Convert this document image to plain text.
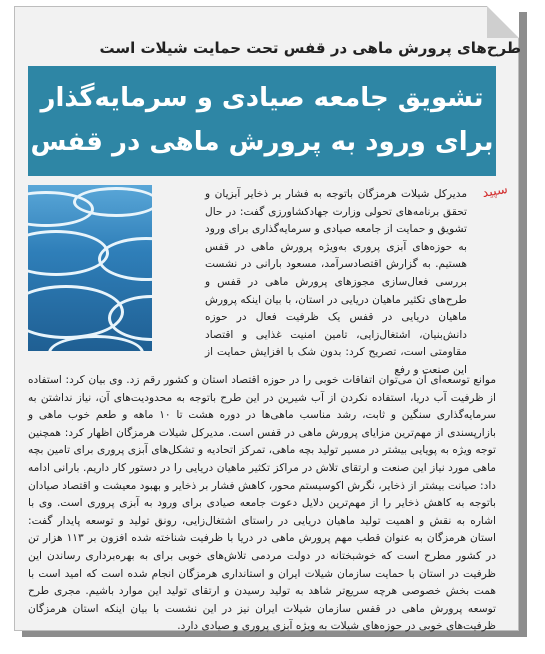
طرح‌های پرورش ماهی در قفس تحت حمایت شیلات است
تشویق جامعه صیادی و سرمایه‌گذار
برای ورود به پرورش ماهی در قفس
سپید
مدیرکل شیلات هرمزگان باتوجه به فشار بر ذخایر آبزیان و تحقق برنامه‌های تحولی وزارت جهادکشاورزی گفت: در حال تشویق و حمایت از جامعه صیادی و سرمایه‌گذاری برای ورود به حوزه‌های آبزی پروری به‌ویژه پرورش ماهی در قفس هستیم. به گزارش اقتصادسرآمد، مسعود بارانی در نشست بررسی فعال‌سازی مجوزهای پرورش ماهی در قفس و طرح‌های تکثیر ماهیان دریایی در استان، با بیان اینکه پرورش ماهیان دریایی در قفس یک ظرفیت فعال در حوزه دانش‌بنیان، اشتغال‌زایی، تامین امنیت غذایی و اقتصاد مقاومتی است، تصریح کرد: بدون شک با افزایش حمایت از این صنعت و رفع
موانع توسعه‌ای آن می‌توان اتفاقات خوبی را در حوزه اقتصاد استان و کشور رقم زد. وی بیان کرد: استفاده از ظرفیت آب دریا، استفاده نکردن از آب شیرین در این طرح باتوجه به محدودیت‌های آن، نیاز نداشتن به سرمایه‌گذاری سنگین و ثابت، رشد مناسب ماهی‌ها در دوره هشت تا ۱۰ ماهه و طعم خوب ماهی و بازارپسندی از مهم‌ترین مزایای پرورش ماهی در قفس است. مدیرکل شیلات هرمزگان اظهار کرد: همچنین توجه ویژه به پویایی بیشتر در مسیر تولید بچه ماهی، تمرکز اتحادیه و تشکل‌های آبزی پروری برای تامین بچه ماهی مورد نیاز این صنعت و ارتقای تلاش در مراکز تکثیر ماهیان دریایی را در دستور کار داریم. بارانی ادامه داد: صیانت بیشتر از ذخایر، نگرش اکوسیستم محور، کاهش فشار بر ذخایر و بهبود معیشت و اقتصاد صیادان باتوجه به کاهش ذخایر را از مهم‌ترین دلایل دعوت جامعه صیادی برای ورود به آبزی پروری است. وی با اشاره به نقش و اهمیت تولید ماهیان دریایی در راستای اشتغال‌زایی، رونق تولید و توسعه پایدار گفت: استان هرمزگان به عنوان قطب مهم پرورش ماهی در دریا با ظرفیت شناخته شده افزون بر ۱۱۳ هزار تن در کشور مطرح است که خوشبختانه در دولت مردمی تلاش‌های خوبی برای به بهره‌برداری رساندن این ظرفیت در استان با حمایت سازمان شیلات ایران و استانداری هرمزگان انجام شده است که امید است با همت بخش خصوصی هرچه سریع‌تر شاهد به تولید رسیدن و ارتقای تولید این موارد باشیم. مجری طرح توسعه پرورش ماهی در قفس سازمان شیلات ایران نیز در این نشست با بیان اینکه استان هرمزگان ظرفیت‌های خوبی در حوزه‌های شیلات به ویژه آبزی پروری و صیادی دارد.
